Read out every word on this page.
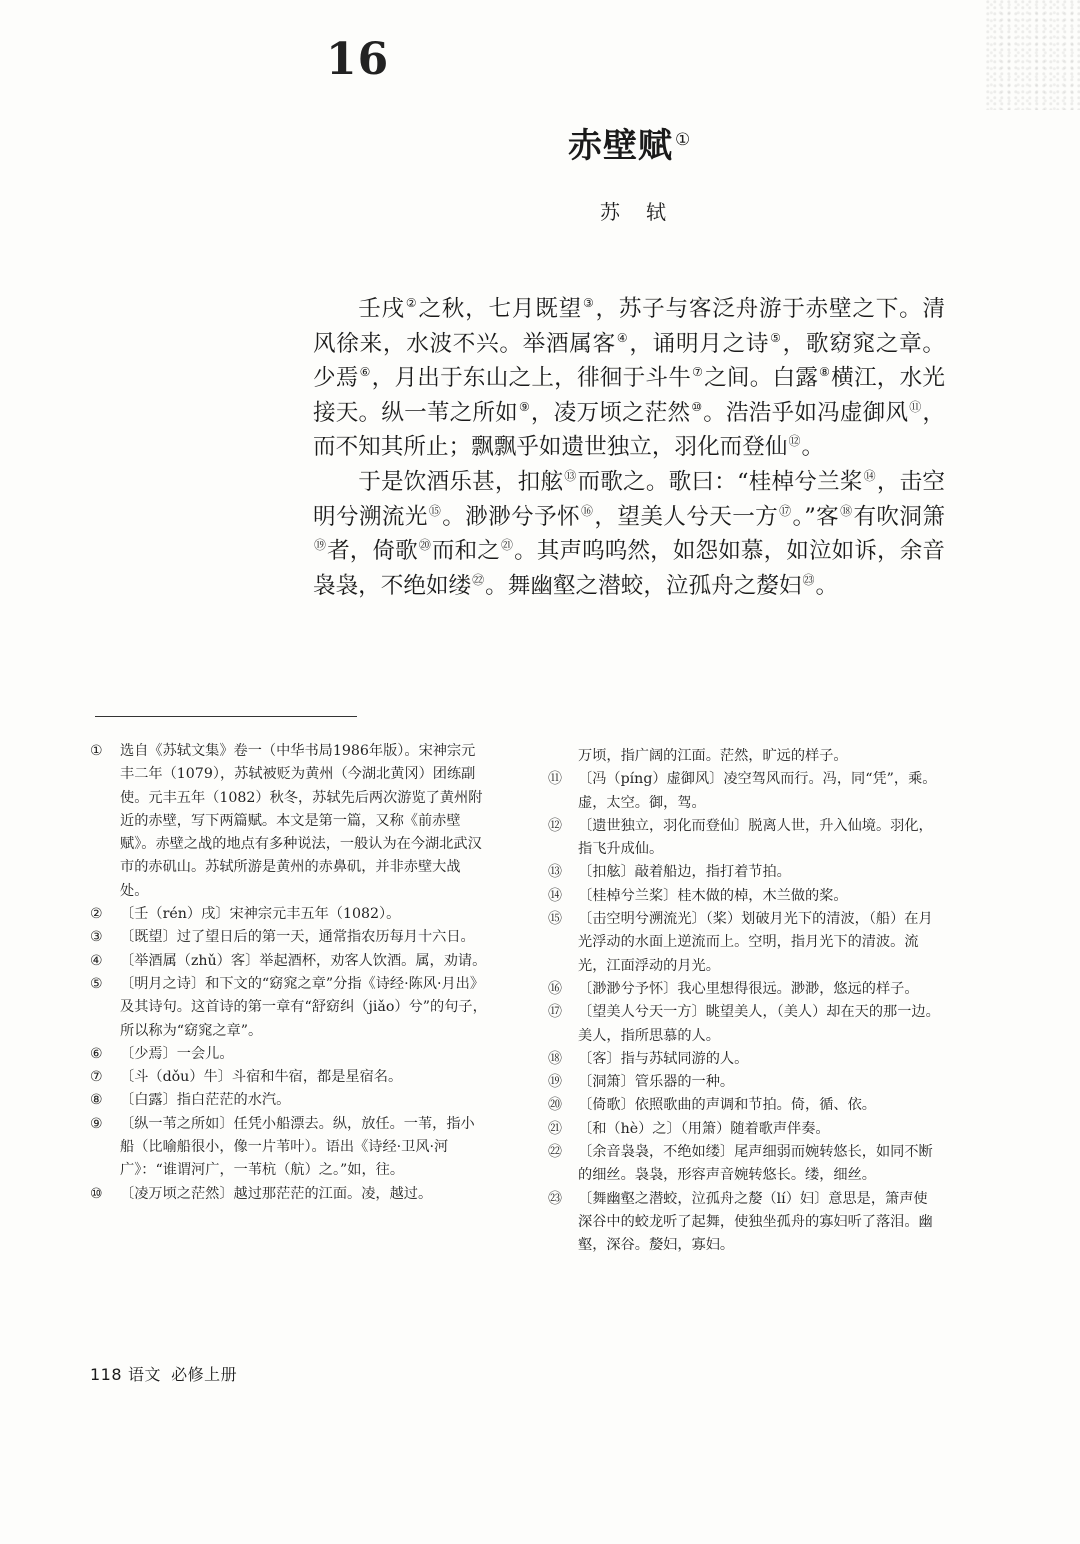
16
赤壁赋 ①
苏轼

壬戌②之秋，七月既望③，苏子与客泛舟游于赤壁之下。清风徐来，水波不兴。举酒属客④，诵明月之诗⑤，歌窈窕之章。少焉⑥，月出于东山之上，徘徊于斗牛⑦之间。白露⑧横江，水光接天。纵一苇之所如⑨，凌万顷之茫然⑩。浩浩乎如冯虚御风⑪，而不知其所止；飘飘乎如遗世独立，羽化而登仙⑫。

于是饮酒乐甚，扣舷⑬而歌之。歌曰：“桂棹兮兰桨⑭，击空明兮溯流光⑮。渺渺兮予怀⑯，望美人兮天一方⑰。”客⑱有吹洞箫⑲者，倚歌⑳而和之$^㉑$。其声呜呜然，如怨如慕，如泣如诉，余音袅袅，不绝如缕$^㉒$。舞幽壑之潜蛟，泣孤舟之嫠妇$^㉓$。

①	选自《苏轼文集》卷一（中华书局1986年版）。宋神宗元丰二年（1079），苏轼被贬为黄州（今湖北黄冈）团练副使。元丰五年（1082）秋冬，苏轼先后两次游览了黄州附近的赤壁，写下两篇赋。本文是第一篇，又称《前赤壁赋》。赤壁之战的地点有多种说法，一般认为在今湖北武汉市的赤矶山。苏轼所游是黄州的赤鼻矶，并非赤壁大战处。

②	〔壬（rén）戌〕宋神宗元丰五年（1082）。

③	〔既望〕过了望日后的第一天，通常指农历每月十六日。

④	〔举酒属（zhǔ）客〕举起酒杯，劝客人饮酒。属，劝请。

⑤	〔明月之诗〕和下文的“窈窕之章”分指《诗经·陈风·月出》及其诗句。这首诗的第一章有“舒窈纠（jiǎo）兮”的句子，所以称为“窈窕之章”。

⑥	〔少焉〕一会儿。

⑦	〔斗（dǒu）牛〕斗宿和牛宿，都是星宿名。

⑧	〔白露〕指白茫茫的水汽。

⑨	〔纵一苇之所如〕任凭小船漂去。纵，放任。一苇，指小船（比喻船很小，像一片苇叶）。语出《诗经·卫风·河广》：“谁谓河广，一苇杭（航）之。”如，往。

⑩	〔凌万顷之茫然〕越过那茫茫的江面。凌，越过。

万顷，指广阔的江面。茫然，旷远的样子。

⑪	〔冯（píng）虚御风〕凌空驾风而行。冯，同“凭”，乘。虚，太空。御，驾。

⑫	〔遗世独立，羽化而登仙〕脱离人世，升入仙境。羽化，指飞升成仙。

⑬	〔扣舷〕敲着船边，指打着节拍。

⑭	〔桂棹兮兰桨〕桂木做的棹，木兰做的桨。

⑮	〔击空明兮溯流光〕（桨）划破月光下的清波，（船）在月光浮动的水面上逆流而上。空明，指月光下的清波。流光，江面浮动的月光。

⑯	〔渺渺兮予怀〕我心里想得很远。渺渺，悠远的样子。

⑰	〔望美人兮天一方〕眺望美人，（美人）却在天的那一边。美人，指所思慕的人。

⑱	〔客〕指与苏轼同游的人。

⑲	〔洞箫〕管乐器的一种。

⑳	〔倚歌〕依照歌曲的声调和节拍。倚，循、依。

㉑	〔和（hè）之〕（用箫）随着歌声伴奏。

㉒	〔余音袅袅，不绝如缕〕尾声细弱而婉转悠长，如同不断的细丝。袅袅，形容声音婉转悠长。缕，细丝。

㉓	〔舞幽壑之潜蛟，泣孤舟之嫠（lí）妇〕意思是，箫声使深谷中的蛟龙听了起舞，使独坐孤舟的寡妇听了落泪。幽壑，深谷。嫠妇，寡妇。

118 语文 必修上册
